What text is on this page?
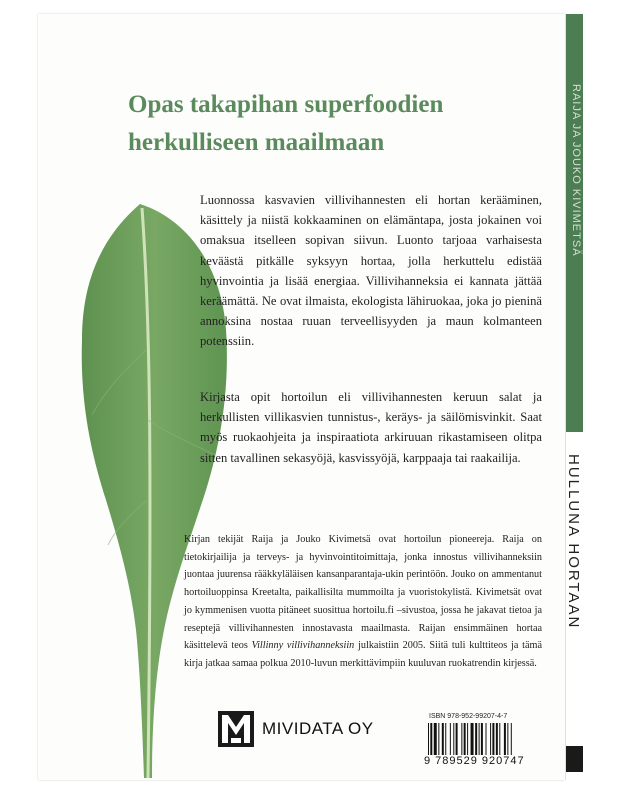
RAIJA JA JOUKO KIVIMETSÄ
HULLUNA HORTAAN
Opas takapihan superfoodien
herkulliseen maailmaan

Luonnossa kasvavien villivihannesten eli hortan kerääminen, käsittely ja niistä kokkaaminen on elämäntapa, josta jokainen voi omaksua itselleen sopivan siivun. Luonto tarjoaa varhaisesta keväästä pitkälle syksyyn hortaa, jolla herkuttelu edistää hyvinvointia ja lisää energiaa. Villivihanneksia ei kannata jättää keräämättä. Ne ovat ilmaista, ekologista lähiruokaa, joka jo pieninä annoksina nostaa ruuan terveellisyyden ja maun kolmanteen potenssiin.

Kirjasta opit hortoilun eli villivihannesten keruun salat ja herkullisten villikasvien tunnistus-, keräys- ja säilömisvinkit. Saat myös ruokaohjeita ja inspiraatiota arkiruuan rikastamiseen olitpa sitten tavallinen sekasyöjä, kasvissyöjä, karppaaja tai raakailija.

Kirjan tekijät Raija ja Jouko Kivimetsä ovat hortoilun pioneereja. Raija on tietokirjailija ja terveys- ja hyvinvointitoimittaja, jonka innostus villivihanneksiin juontaa juurensa rääkkyläläisen kansanparantaja-ukin perintöön. Jouko on ammentanut hortoiluoppinsa Kreetalta, paikallisilta mummoilta ja vuoristokylistä. Kivimetsät ovat jo kymmenisen vuotta pitäneet suosittua hortoilu.fi –sivustoa, jossa he jakavat tietoa ja reseptejä villivihannesten innostavasta maailmasta. Raijan ensimmäinen hortaa käsittelevä teos Villinny villivihanneksiin julkaistiin 2005. Siitä tuli kulttiteos ja tämä kirja jatkaa samaa polkua 2010-luvun merkittävimpiin kuuluvan ruokatrendin kirjessä.

MIVIDATA OY
ISBN 978-952-99207-4-7
9 789529 920747
